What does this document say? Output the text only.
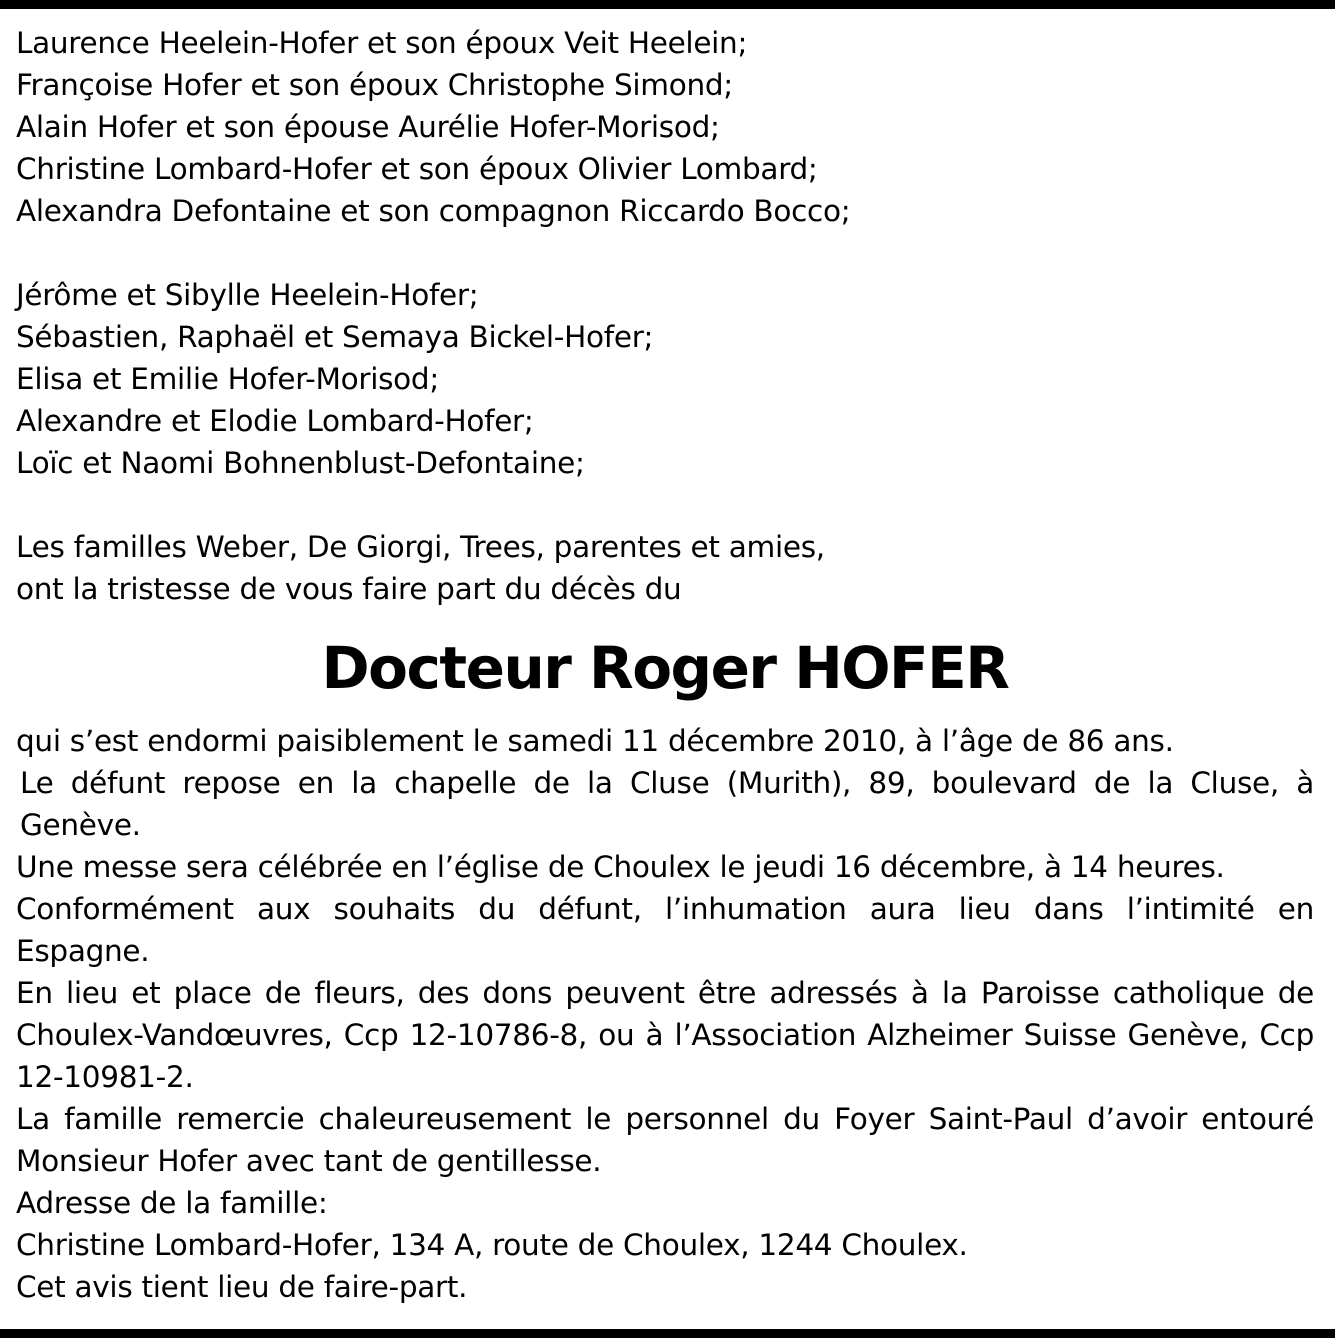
Laurence Heelein-Hofer et son époux Veit Heelein;

Françoise Hofer et son époux Christophe Simond;

Alain Hofer et son épouse Aurélie Hofer-Morisod;

Christine Lombard-Hofer et son époux Olivier Lombard;

Alexandra Defontaine et son compagnon Riccardo Bocco;

Jérôme et Sibylle Heelein-Hofer;

Sébastien, Raphaël et Semaya Bickel-Hofer;

Elisa et Emilie Hofer-Morisod;

Alexandre et Elodie Lombard-Hofer;

Loïc et Naomi Bohnenblust-Defontaine;

Les familles Weber, De Giorgi, Trees, parentes et amies,

ont la tristesse de vous faire part du décès du

Docteur Roger HOFER

qui s’est endormi paisiblement le samedi 11 décembre 2010, à l’âge de 86 ans.

Le défunt repose en la chapelle de la Cluse (Murith), 89, boulevard de la Cluse, à Genève.

Une messe sera célébrée en l’église de Choulex le jeudi 16 décembre, à 14 heures.

Conformément aux souhaits du défunt, l’inhumation aura lieu dans l’intimité en Espagne.

En lieu et place de fleurs, des dons peuvent être adressés à la Paroisse catholique de Choulex-Vandœuvres, Ccp 12-10786-8, ou à l’Association Alzheimer Suisse Genève, Ccp 12-10981-2.

La famille remercie chaleureusement le personnel du Foyer Saint-Paul d’avoir entouré Monsieur Hofer avec tant de gentillesse.

Adresse de la famille:

Christine Lombard-Hofer, 134 A, route de Choulex, 1244 Choulex.

Cet avis tient lieu de faire-part.
